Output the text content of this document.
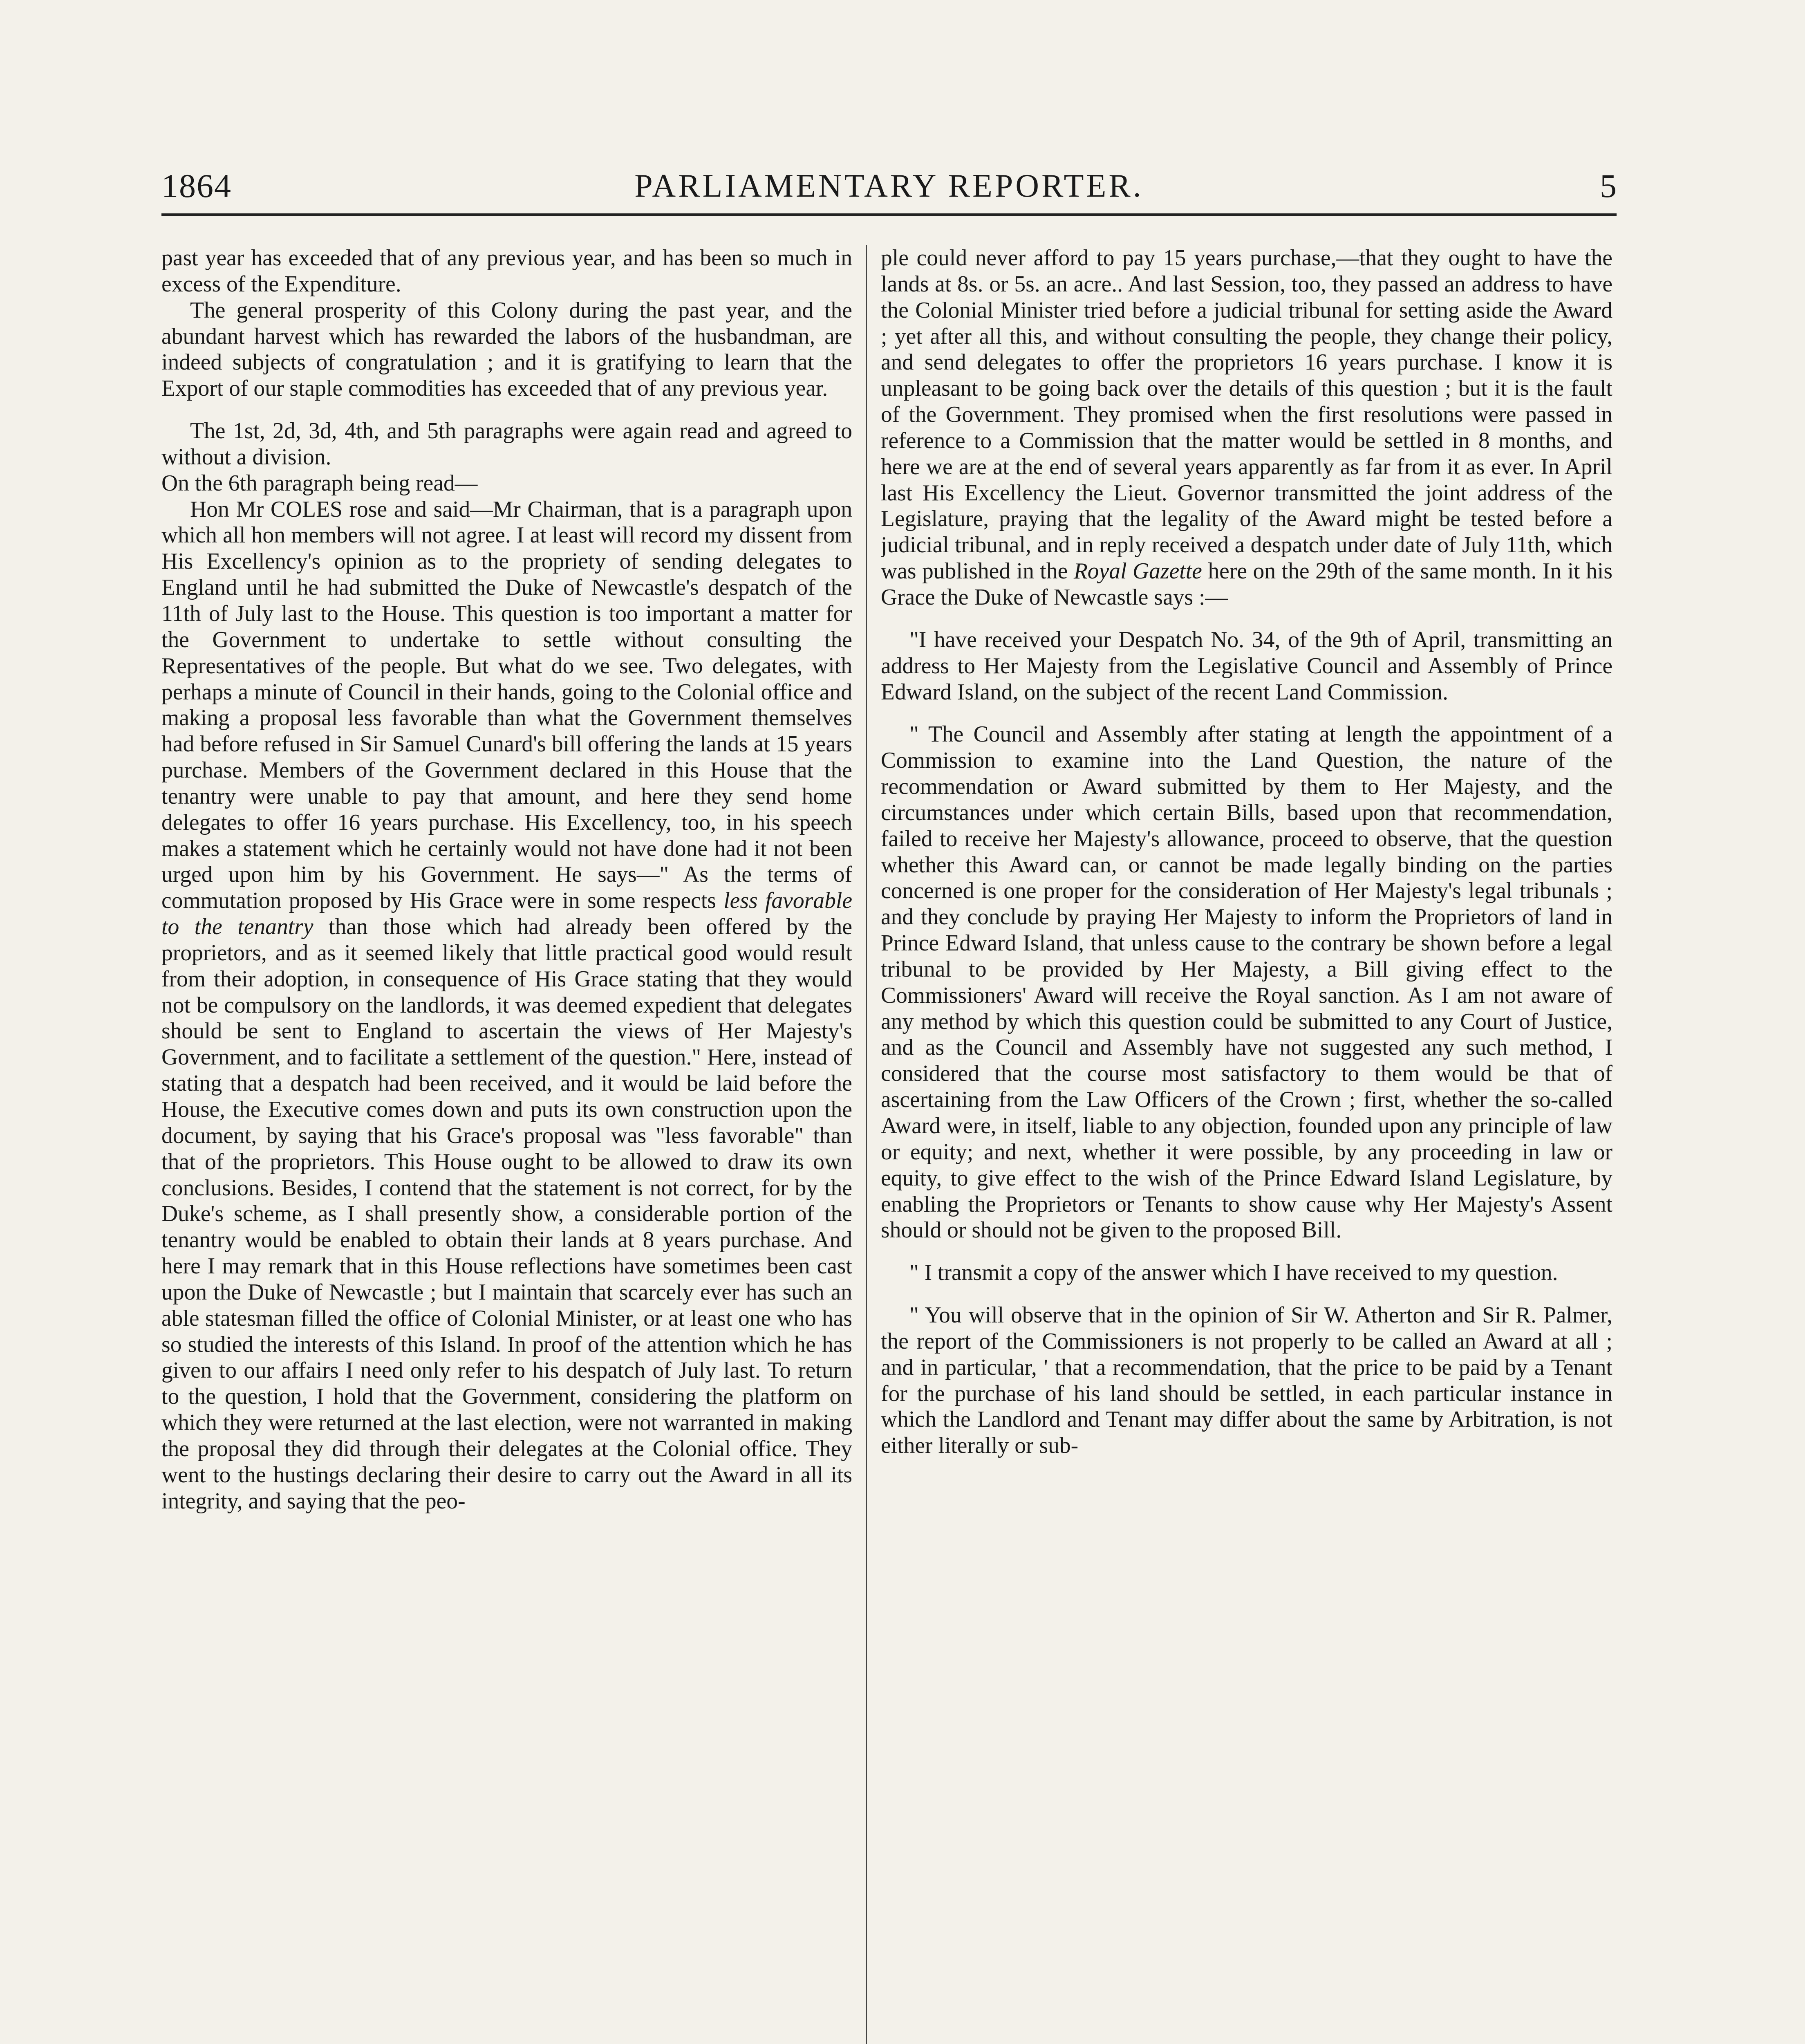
1864	PARLIAMENTARY REPORTER.	5

past year has exceeded that of any previous year, and has been so much in excess of the Expenditure.

The general prosperity of this Colony during the past year, and the abundant harvest which has rewarded the labors of the husbandman, are indeed subjects of congratulation ; and it is gratifying to learn that the Export of our staple commodities has exceeded that of any previous year.

The 1st, 2d, 3d, 4th, and 5th paragraphs were again read and agreed to without a division.

On the 6th paragraph being read—

Hon Mr COLES rose and said—Mr Chairman, that is a paragraph upon which all hon members will not agree. I at least will record my dissent from His Excellency's opinion as to the propriety of sending delegates to England until he had submitted the Duke of Newcastle's despatch of the 11th of July last to the House. This question is too important a matter for the Government to undertake to settle without consulting the Representatives of the people. But what do we see. Two delegates, with perhaps a minute of Council in their hands, going to the Colonial office and making a proposal less favorable than what the Government themselves had before refused in Sir Samuel Cunard's bill offering the lands at 15 years purchase. Members of the Government declared in this House that the tenantry were unable to pay that amount, and here they send home delegates to offer 16 years purchase. His Excellency, too, in his speech makes a statement which he certainly would not have done had it not been urged upon him by his Government. He says—" As the terms of commutation proposed by His Grace were in some respects less favorable to the tenantry than those which had already been offered by the proprietors, and as it seemed likely that little practical good would result from their adoption, in consequence of His Grace stating that they would not be compulsory on the landlords, it was deemed expedient that delegates should be sent to England to ascertain the views of Her Majesty's Government, and to facilitate a settlement of the question." Here, instead of stating that a despatch had been received, and it would be laid before the House, the Executive comes down and puts its own construction upon the document, by saying that his Grace's proposal was "less favorable" than that of the proprietors. This House ought to be allowed to draw its own conclusions. Besides, I contend that the statement is not correct, for by the Duke's scheme, as I shall presently show, a considerable portion of the tenantry would be enabled to obtain their lands at 8 years purchase. And here I may remark that in this House reflections have sometimes been cast upon the Duke of Newcastle ; but I maintain that scarcely ever has such an able statesman filled the office of Colonial Minister, or at least one who has so studied the interests of this Island. In proof of the attention which he has given to our affairs I need only refer to his despatch of July last. To return to the question, I hold that the Government, considering the platform on which they were returned at the last election, were not warranted in making the proposal they did through their delegates at the Colonial office. They went to the hustings declaring their desire to carry out the Award in all its integrity, and saying that the peo-

ple could never afford to pay 15 years purchase,—that they ought to have the lands at 8s. or 5s. an acre.. And last Session, too, they passed an address to have the Colonial Minister tried before a judicial tribunal for setting aside the Award ; yet after all this, and without consulting the people, they change their policy, and send delegates to offer the proprietors 16 years purchase. I know it is unpleasant to be going back over the details of this question ; but it is the fault of the Government. They promised when the first resolutions were passed in reference to a Commission that the matter would be settled in 8 months, and here we are at the end of several years apparently as far from it as ever. In April last His Excellency the Lieut. Governor transmitted the joint address of the Legislature, praying that the legality of the Award might be tested before a judicial tribunal, and in reply received a despatch under date of July 11th, which was published in the Royal Gazette here on the 29th of the same month. In it his Grace the Duke of Newcastle says :—

"I have received your Despatch No. 34, of the 9th of April, transmitting an address to Her Majesty from the Legislative Council and Assembly of Prince Edward Island, on the subject of the recent Land Commission.

" The Council and Assembly after stating at length the appointment of a Commission to examine into the Land Question, the nature of the recommendation or Award submitted by them to Her Majesty, and the circumstances under which certain Bills, based upon that recommendation, failed to receive her Majesty's allowance, proceed to observe, that the question whether this Award can, or cannot be made legally binding on the parties concerned is one proper for the consideration of Her Majesty's legal tribunals ; and they conclude by praying Her Majesty to inform the Proprietors of land in Prince Edward Island, that unless cause to the contrary be shown before a legal tribunal to be provided by Her Majesty, a Bill giving effect to the Commissioners' Award will receive the Royal sanction. As I am not aware of any method by which this question could be submitted to any Court of Justice, and as the Council and Assembly have not suggested any such method, I considered that the course most satisfactory to them would be that of ascertaining from the Law Officers of the Crown ; first, whether the so-called Award were, in itself, liable to any objection, founded upon any principle of law or equity; and next, whether it were possible, by any proceeding in law or equity, to give effect to the wish of the Prince Edward Island Legislature, by enabling the Proprietors or Tenants to show cause why Her Majesty's Assent should or should not be given to the proposed Bill.

" I transmit a copy of the answer which I have received to my question.

" You will observe that in the opinion of Sir W. Atherton and Sir R. Palmer, the report of the Commissioners is not properly to be called an Award at all ; and in particular, ' that a recommendation, that the price to be paid by a Tenant for the purchase of his land should be settled, in each particular instance in which the Landlord and Tenant may differ about the same by Arbitration, is not either literally or sub-
